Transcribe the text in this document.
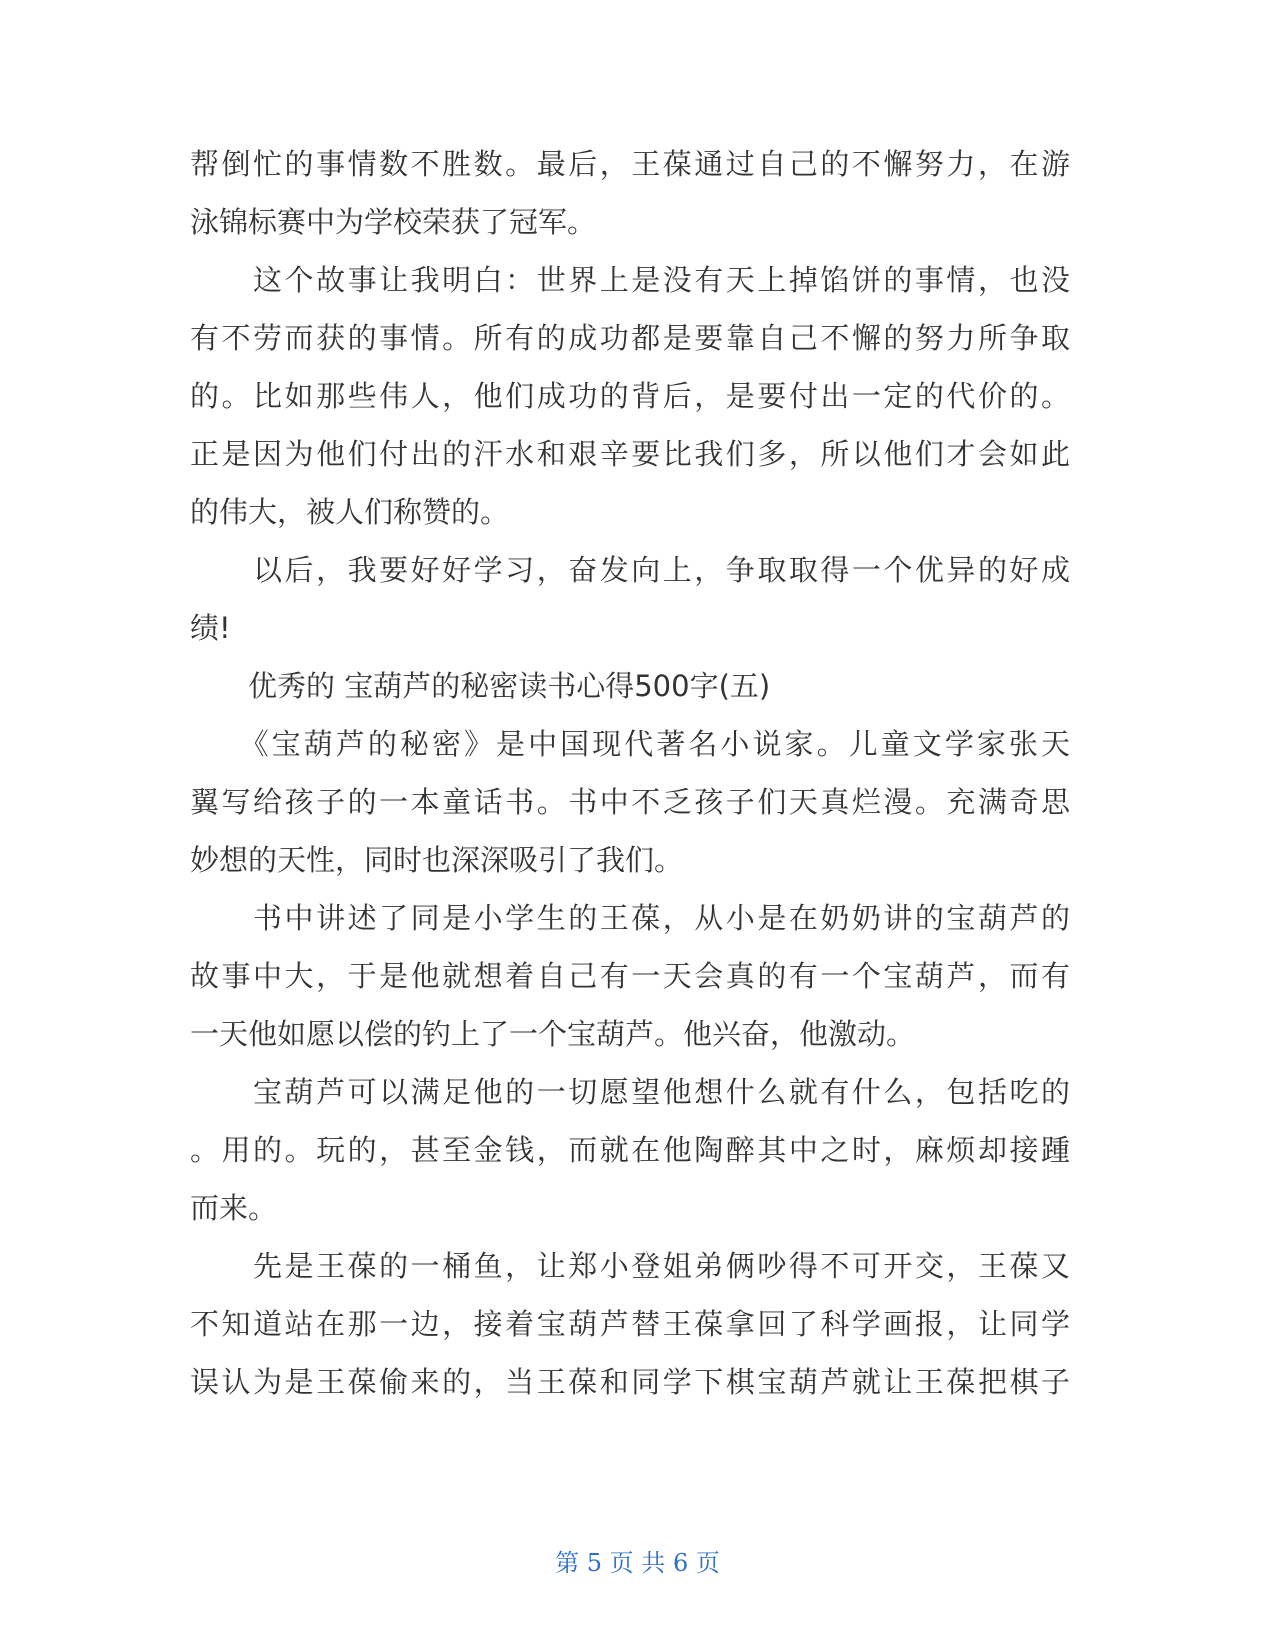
帮倒忙的事情数不胜数。最后，王葆通过自己的不懈努力，在游
泳锦标赛中为学校荣获了冠军。
　　这个故事让我明白：世界上是没有天上掉馅饼的事情，也没
有不劳而获的事情。所有的成功都是要靠自己不懈的努力所争取
的。比如那些伟人，他们成功的背后，是要付出一定的代价的。
正是因为他们付出的汗水和艰辛要比我们多，所以他们才会如此
的伟大，被人们称赞的。
　　以后，我要好好学习，奋发向上，争取取得一个优异的好成
绩!
　　优秀的 宝葫芦的秘密读书心得500字(五)
　　《宝葫芦的秘密》是中国现代著名小说家。儿童文学家张天
翼写给孩子的一本童话书。书中不乏孩子们天真烂漫。充满奇思
妙想的天性，同时也深深吸引了我们。
　　书中讲述了同是小学生的王葆，从小是在奶奶讲的宝葫芦的
故事中大，于是他就想着自己有一天会真的有一个宝葫芦，而有
一天他如愿以偿的钓上了一个宝葫芦。他兴奋，他激动。
　　宝葫芦可以满足他的一切愿望他想什么就有什么，包括吃的
。用的。玩的，甚至金钱，而就在他陶醉其中之时，麻烦却接踵
而来。
　　先是王葆的一桶鱼，让郑小登姐弟俩吵得不可开交，王葆又
不知道站在那一边，接着宝葫芦替王葆拿回了科学画报，让同学
误认为是王葆偷来的，当王葆和同学下棋宝葫芦就让王葆把棋子
第 5 页 共 6 页
